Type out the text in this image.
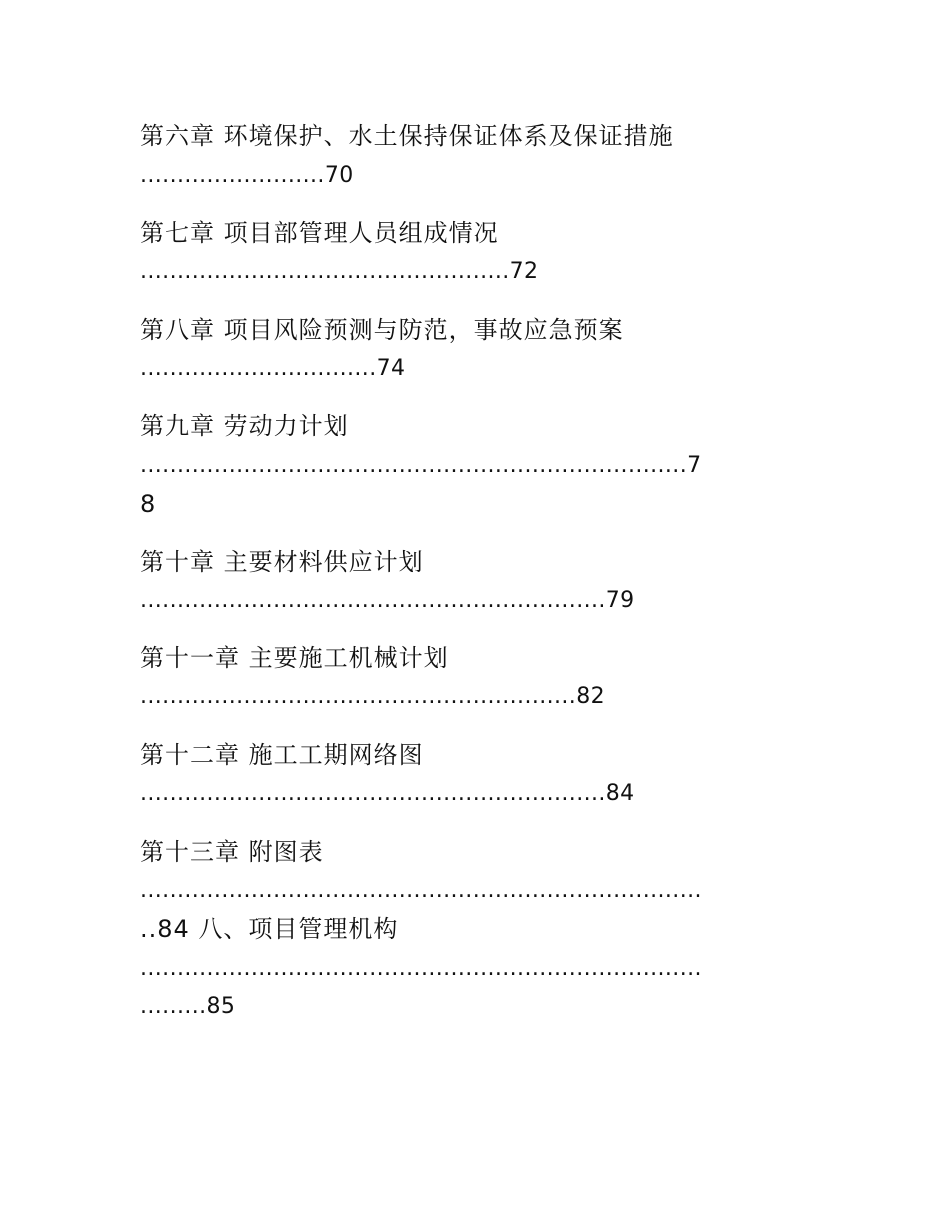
第六章 环境保护、水土保持保证体系及保证措施
.........................70
第七章 项目部管理人员组成情况
..................................................72
第八章 项目风险预测与防范，事故应急预案
................................74
第九章 劳动力计划
..........................................................................7
8
第十章 主要材料供应计划
...............................................................79
第十一章 主要施工机械计划
...........................................................82
第十二章 施工工期网络图
...............................................................84
第十三章 附图表
............................................................................
..84 八、项目管理机构
............................................................................
.........85
